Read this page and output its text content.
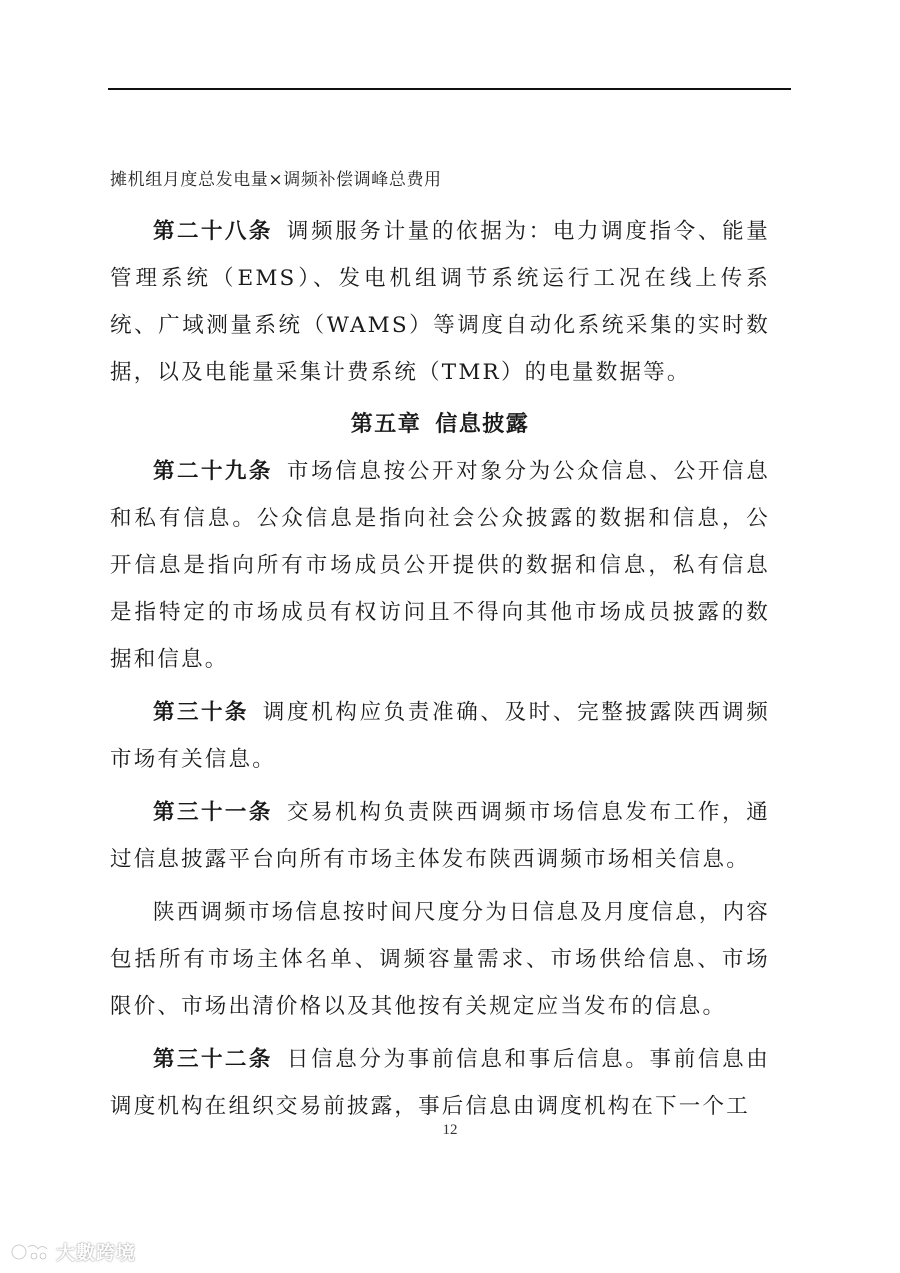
摊机组月度总发电量×调频补偿调峰总费用

第二十八条 调频服务计量的依据为：电力调度指令、能量管理系统（EMS）、发电机组调节系统运行工况在线上传系统、广域测量系统（WAMS）等调度自动化系统采集的实时数据，以及电能量采集计费系统（TMR）的电量数据等。

第五章 信息披露

第二十九条 市场信息按公开对象分为公众信息、公开信息和私有信息。公众信息是指向社会公众披露的数据和信息，公开信息是指向所有市场成员公开提供的数据和信息，私有信息是指特定的市场成员有权访问且不得向其他市场成员披露的数据和信息。

第三十条 调度机构应负责准确、及时、完整披露陕西调频市场有关信息。

第三十一条 交易机构负责陕西调频市场信息发布工作，通过信息披露平台向所有市场主体发布陕西调频市场相关信息。

陕西调频市场信息按时间尺度分为日信息及月度信息，内容包括所有市场主体名单、调频容量需求、市场供给信息、市场限价、市场出清价格以及其他按有关规定应当发布的信息。

第三十二条 日信息分为事前信息和事后信息。事前信息由调度机构在组织交易前披露，事后信息由调度机构在下一个工

12
大數跨境
